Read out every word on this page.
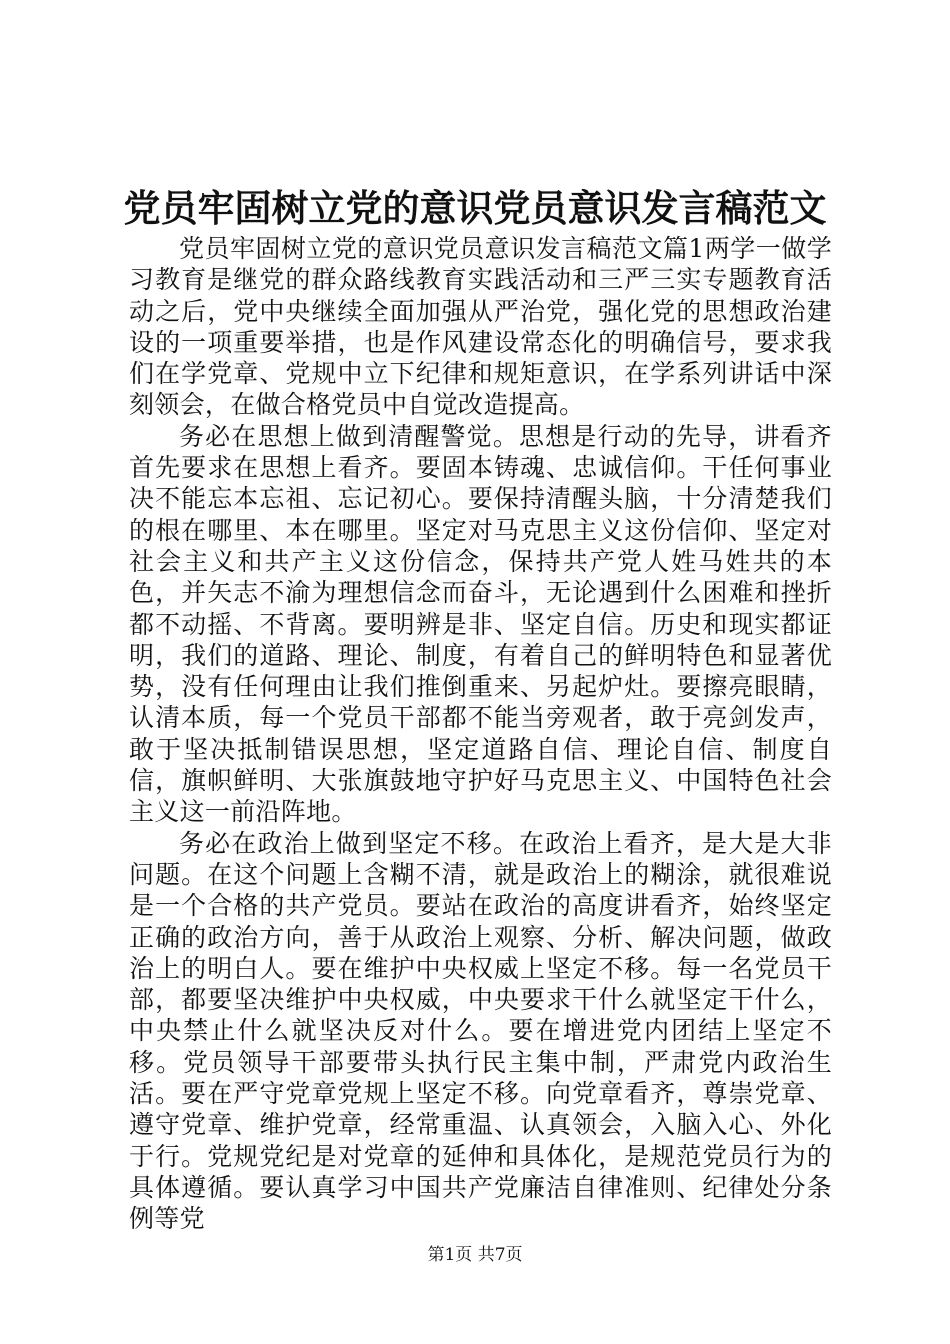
党员牢固树立党的意识党员意识发言稿范文

党员牢固树立党的意识党员意识发言稿范文篇1两学一做学习教育是继党的群众路线教育实践活动和三严三实专题教育活动之后，党中央继续全面加强从严治党，强化党的思想政治建设的一项重要举措，也是作风建设常态化的明确信号，要求我们在学党章、党规中立下纪律和规矩意识，在学系列讲话中深刻领会，在做合格党员中自觉改造提高。

务必在思想上做到清醒警觉。思想是行动的先导，讲看齐首先要求在思想上看齐。要固本铸魂、忠诚信仰。干任何事业决不能忘本忘祖、忘记初心。要保持清醒头脑，十分清楚我们的根在哪里、本在哪里。坚定对马克思主义这份信仰、坚定对社会主义和共产主义这份信念，保持共产党人姓马姓共的本色，并矢志不渝为理想信念而奋斗，无论遇到什么困难和挫折都不动摇、不背离。要明辨是非、坚定自信。历史和现实都证明，我们的道路、理论、制度，有着自己的鲜明特色和显著优势，没有任何理由让我们推倒重来、另起炉灶。要擦亮眼睛，认清本质，每一个党员干部都不能当旁观者，敢于亮剑发声，敢于坚决抵制错误思想，坚定道路自信、理论自信、制度自信，旗帜鲜明、大张旗鼓地守护好马克思主义、中国特色社会主义这一前沿阵地。

务必在政治上做到坚定不移。在政治上看齐，是大是大非问题。在这个问题上含糊不清，就是政治上的糊涂，就很难说是一个合格的共产党员。要站在政治的高度讲看齐，始终坚定正确的政治方向，善于从政治上观察、分析、解决问题，做政治上的明白人。要在维护中央权威上坚定不移。每一名党员干部，都要坚决维护中央权威，中央要求干什么就坚定干什么，中央禁止什么就坚决反对什么。要在增进党内团结上坚定不移。党员领导干部要带头执行民主集中制，严肃党内政治生活。要在严守党章党规上坚定不移。向党章看齐，尊崇党章、遵守党章、维护党章，经常重温、认真领会，入脑入心、外化于行。党规党纪是对党章的延伸和具体化，是规范党员行为的具体遵循。要认真学习中国共产党廉洁自律准则、纪律处分条例等党

第1页 共7页
